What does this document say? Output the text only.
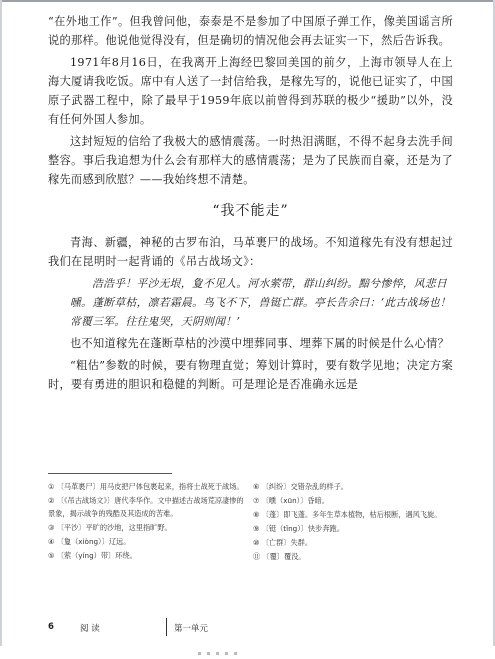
“在外地工作”。但我曾问他，泰泰是不是参加了中国原子弹工作，像美国谣言所说的那样。他说他觉得没有，但是确切的情况他会再去证实一下，然后告诉我。

1971年8月16日，在我离开上海经巴黎回美国的前夕，上海市领导人在上海大厦请我吃饭。席中有人送了一封信给我，是稼先写的，说他已证实了，中国原子武器工程中，除了最早于1959年底以前曾得到苏联的极少“援助”以外，没有任何外国人参加。

这封短短的信给了我极大的感情震荡。一时热泪满眶，不得不起身去洗手间整容。事后我追想为什么会有那样大的感情震荡；是为了民族而自豪，还是为了稼先而感到欣慰？——我始终想不清楚。

“我不能走”

青海、新疆，神秘的古罗布泊，马革裹尸的战场。不知道稼先有没有想起过我们在昆明时一起背诵的《吊古战场文》：

浩浩乎！平沙无垠，夐不见人。河水萦带，群山纠纷。黯兮惨悴，风悲日曛。蓬断草枯，凛若霜晨。鸟飞不下，兽铤亡群。亭长告余曰：‘此古战场也！常覆三军。往往鬼哭，天阴则闻！’

也不知道稼先在蓬断草枯的沙漠中埋葬同事、埋葬下属的时候是什么心情？

“粗估”参数的时候，要有物理直觉；筹划计算时，要有数学见地；决定方案时，要有勇进的胆识和稳健的判断。可是理论是否准确永远是

① 〔马革裹尸〕用马皮把尸体包裹起来，指将士战死于战场。

② 〔《吊古战场文》〕唐代李华作。文中描述古战场荒凉凄惨的景象，揭示战争的残酷及其造成的苦难。

③ 〔平沙〕平旷的沙地，这里指旷野。

④ 〔夐（xiòng）〕辽远。

⑤ 〔萦（yíng）带〕环绕。

⑥ 〔纠纷〕交错杂乱的样子。

⑦ 〔曛（xūn）〕昏暗。

⑧ 〔蓬〕即飞蓬。多年生草本植物，枯后根断，遇风飞旋。

⑨ 〔铤（tǐng）〕快步奔跑。

⑩ 〔亡群〕失群。

⑪ 〔覆〕覆没。

6	阅 读	第一单元
